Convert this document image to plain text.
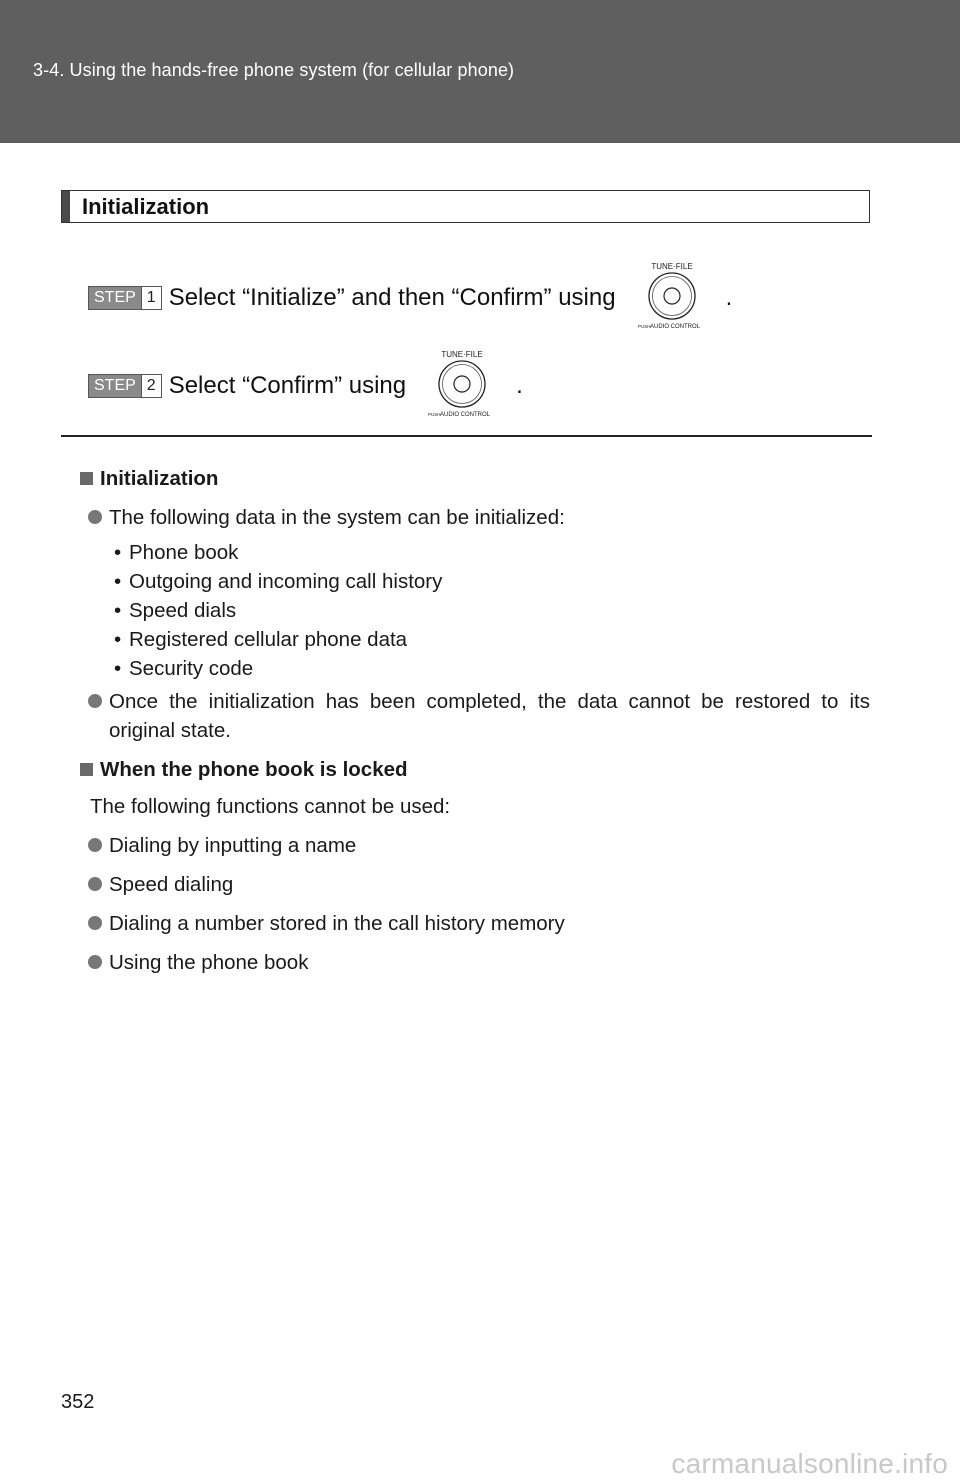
3-4. Using the hands-free phone system (for cellular phone)
Initialization
STEP 1 Select “Initialize” and then “Confirm” using
TUNE·FILE
PUSH AUDIO CONTROL
.
STEP 2 Select “Confirm” using
TUNE·FILE
PUSH AUDIO CONTROL
.
Initialization
The following data in the system can be initialized:
• Phone book
• Outgoing and incoming call history
• Speed dials
• Registered cellular phone data
• Security code
Once the initialization has been completed, the data cannot be restored to its original state.
When the phone book is locked
The following functions cannot be used:
Dialing by inputting a name
Speed dialing
Dialing a number stored in the call history memory
Using the phone book
352
carmanualsonline.info
